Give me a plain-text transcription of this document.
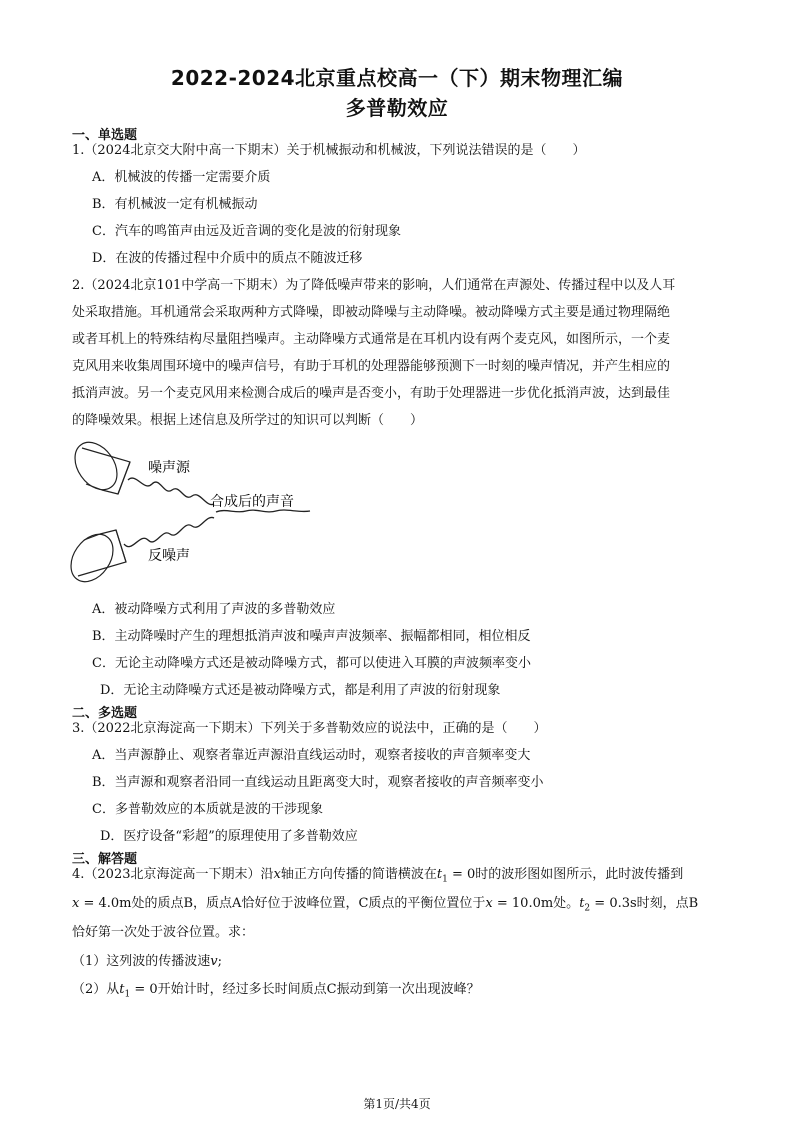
2022-2024北京重点校高一（下）期末物理汇编
多普勒效应
一、单选题
1.（2024北京交大附中高一下期末）关于机械振动和机械波，下列说法错误的是（　　）
A．机械波的传播一定需要介质
B．有机械波一定有机械振动
C．汽车的鸣笛声由远及近音调的变化是波的衍射现象
D．在波的传播过程中介质中的质点不随波迁移
2.（2024北京101中学高一下期末）为了降低噪声带来的影响，人们通常在声源处、传播过程中以及人耳
处采取措施。耳机通常会采取两种方式降噪，即被动降噪与主动降噪。被动降噪方式主要是通过物理隔绝
或者耳机上的特殊结构尽量阻挡噪声。主动降噪方式通常是在耳机内设有两个麦克风，如图所示，一个麦
克风用来收集周围环境中的噪声信号，有助于耳机的处理器能够预测下一时刻的噪声情况，并产生相应的
抵消声波。另一个麦克风用来检测合成后的噪声是否变小，有助于处理器进一步优化抵消声波，达到最佳
的降噪效果。根据上述信息及所学过的知识可以判断（　　）
噪声源
合成后的声音
反噪声
A．被动降噪方式利用了声波的多普勒效应
B．主动降噪时产生的理想抵消声波和噪声声波频率、振幅都相同，相位相反
C．无论主动降噪方式还是被动降噪方式，都可以使进入耳膜的声波频率变小
D．无论主动降噪方式还是被动降噪方式，都是利用了声波的衍射现象
二、多选题
3.（2022北京海淀高一下期末）下列关于多普勒效应的说法中，正确的是（　　）
A．当声源静止、观察者靠近声源沿直线运动时，观察者接收的声音频率变大
B．当声源和观察者沿同一直线运动且距离变大时，观察者接收的声音频率变小
C．多普勒效应的本质就是波的干涉现象
D．医疗设备“彩超”的原理使用了多普勒效应
三、解答题
4.（2023北京海淀高一下期末）沿x轴正方向传播的简谐横波在$t_1 = 0$时的波形图如图所示，此时波传播到
x = 4.0m处的质点B，质点A恰好位于波峰位置，C质点的平衡位置位于x = 10.0m处。$t_2 = 0.3s$时刻，点B
恰好第一次处于波谷位置。求：
（1）这列波的传播波速v;
（2）从$t_1 = 0$开始计时，经过多长时间质点C振动到第一次出现波峰？
第1页/共4页
